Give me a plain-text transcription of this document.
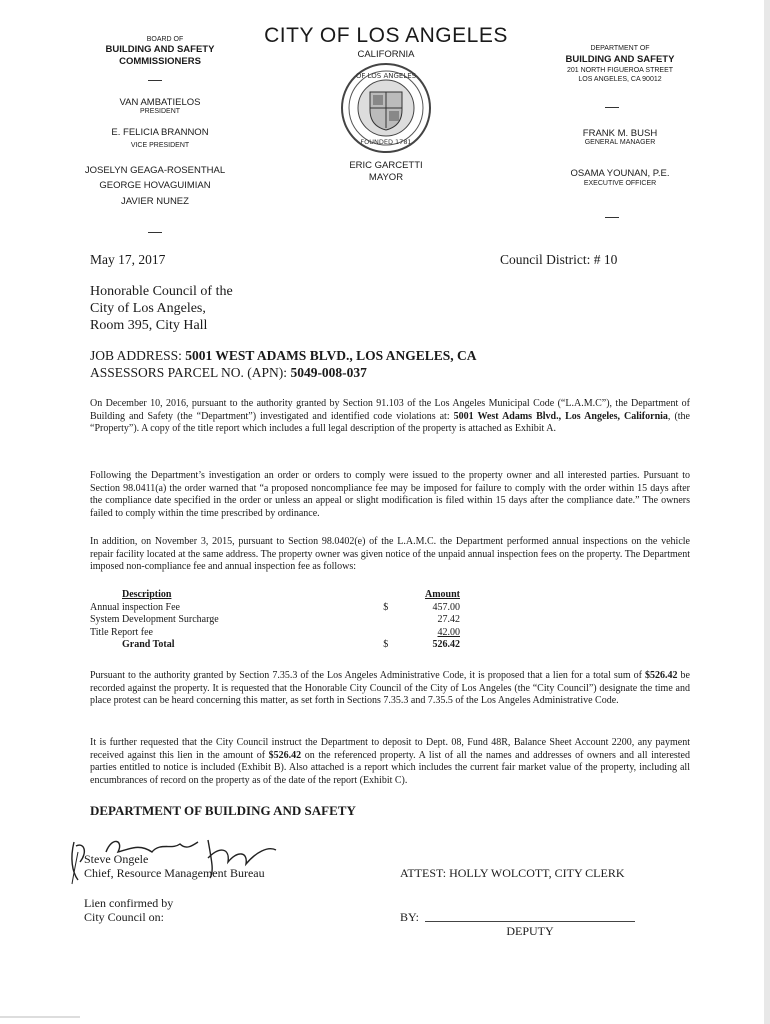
BOARD OF
BUILDING AND SAFETY
COMMISSIONERS
VAN AMBATIELOS
PRESIDENT
E. FELICIA BRANNON
VICE PRESIDENT
JOSELYN GEAGA-ROSENTHAL
GEORGE HOVAGUIMIAN
JAVIER NUNEZ
CITY OF LOS ANGELES
CALIFORNIA
OF LOS ANGELES
FOUNDED 1781
ERIC GARCETTI
MAYOR
DEPARTMENT OF
BUILDING AND SAFETY
201 NORTH FIGUEROA STREET
LOS ANGELES, CA 90012
FRANK M. BUSH
GENERAL MANAGER
OSAMA YOUNAN, P.E.
EXECUTIVE OFFICER
May 17, 2017	Council District: # 10
Honorable Council of the
City of Los Angeles,
Room 395, City Hall
JOB ADDRESS: 5001 WEST ADAMS BLVD., LOS ANGELES, CA
ASSESSORS PARCEL NO. (APN): 5049-008-037

On December 10, 2016, pursuant to the authority granted by Section 91.103 of the Los Angeles Municipal Code (“L.A.M.C”), the Department of Building and Safety (the “Department”) investigated and identified code violations at: 5001 West Adams Blvd., Los Angeles, California, (the “Property”). A copy of the title report which includes a full legal description of the property is attached as Exhibit A.

Following the Department’s investigation an order or orders to comply were issued to the property owner and all interested parties. Pursuant to Section 98.0411(a) the order warned that “a proposed noncompliance fee may be imposed for failure to comply with the order within 15 days after the compliance date specified in the order or unless an appeal or slight modification is filed within 15 days after the compliance date.” The owners failed to comply within the time prescribed by ordinance.

In addition, on November 3, 2015, pursuant to Section 98.0402(e) of the L.A.M.C. the Department performed annual inspections on the vehicle repair facility located at the same address. The property owner was given notice of the unpaid annual inspection fees on the property. The Department imposed non-compliance fee and annual inspection fee as follows:

Description		Amount
Annual inspection Fee	$	457.00
System Development Surcharge		27.42
Title Report fee		42.00
Grand Total	$	526.42

Pursuant to the authority granted by Section 7.35.3 of the Los Angeles Administrative Code, it is proposed that a lien for a total sum of $526.42 be recorded against the property. It is requested that the Honorable City Council of the City of Los Angeles (the “City Council”) designate the time and place protest can be heard concerning this matter, as set forth in Sections 7.35.3 and 7.35.5 of the Los Angeles Administrative Code.

It is further requested that the City Council instruct the Department to deposit to Dept. 08, Fund 48R, Balance Sheet Account 2200, any payment received against this lien in the amount of $526.42 on the referenced property. A list of all the names and addresses of owners and all interested parties entitled to notice is included (Exhibit B). Also attached is a report which includes the current fair market value of the property, including all encumbrances of record on the property as of the date of the report (Exhibit C).

DEPARTMENT OF BUILDING AND SAFETY
Steve Ongele
Chief, Resource Management Bureau	ATTEST: HOLLY WOLCOTT, CITY CLERK
Lien confirmed by
City Council on:	BY:
DEPUTY
